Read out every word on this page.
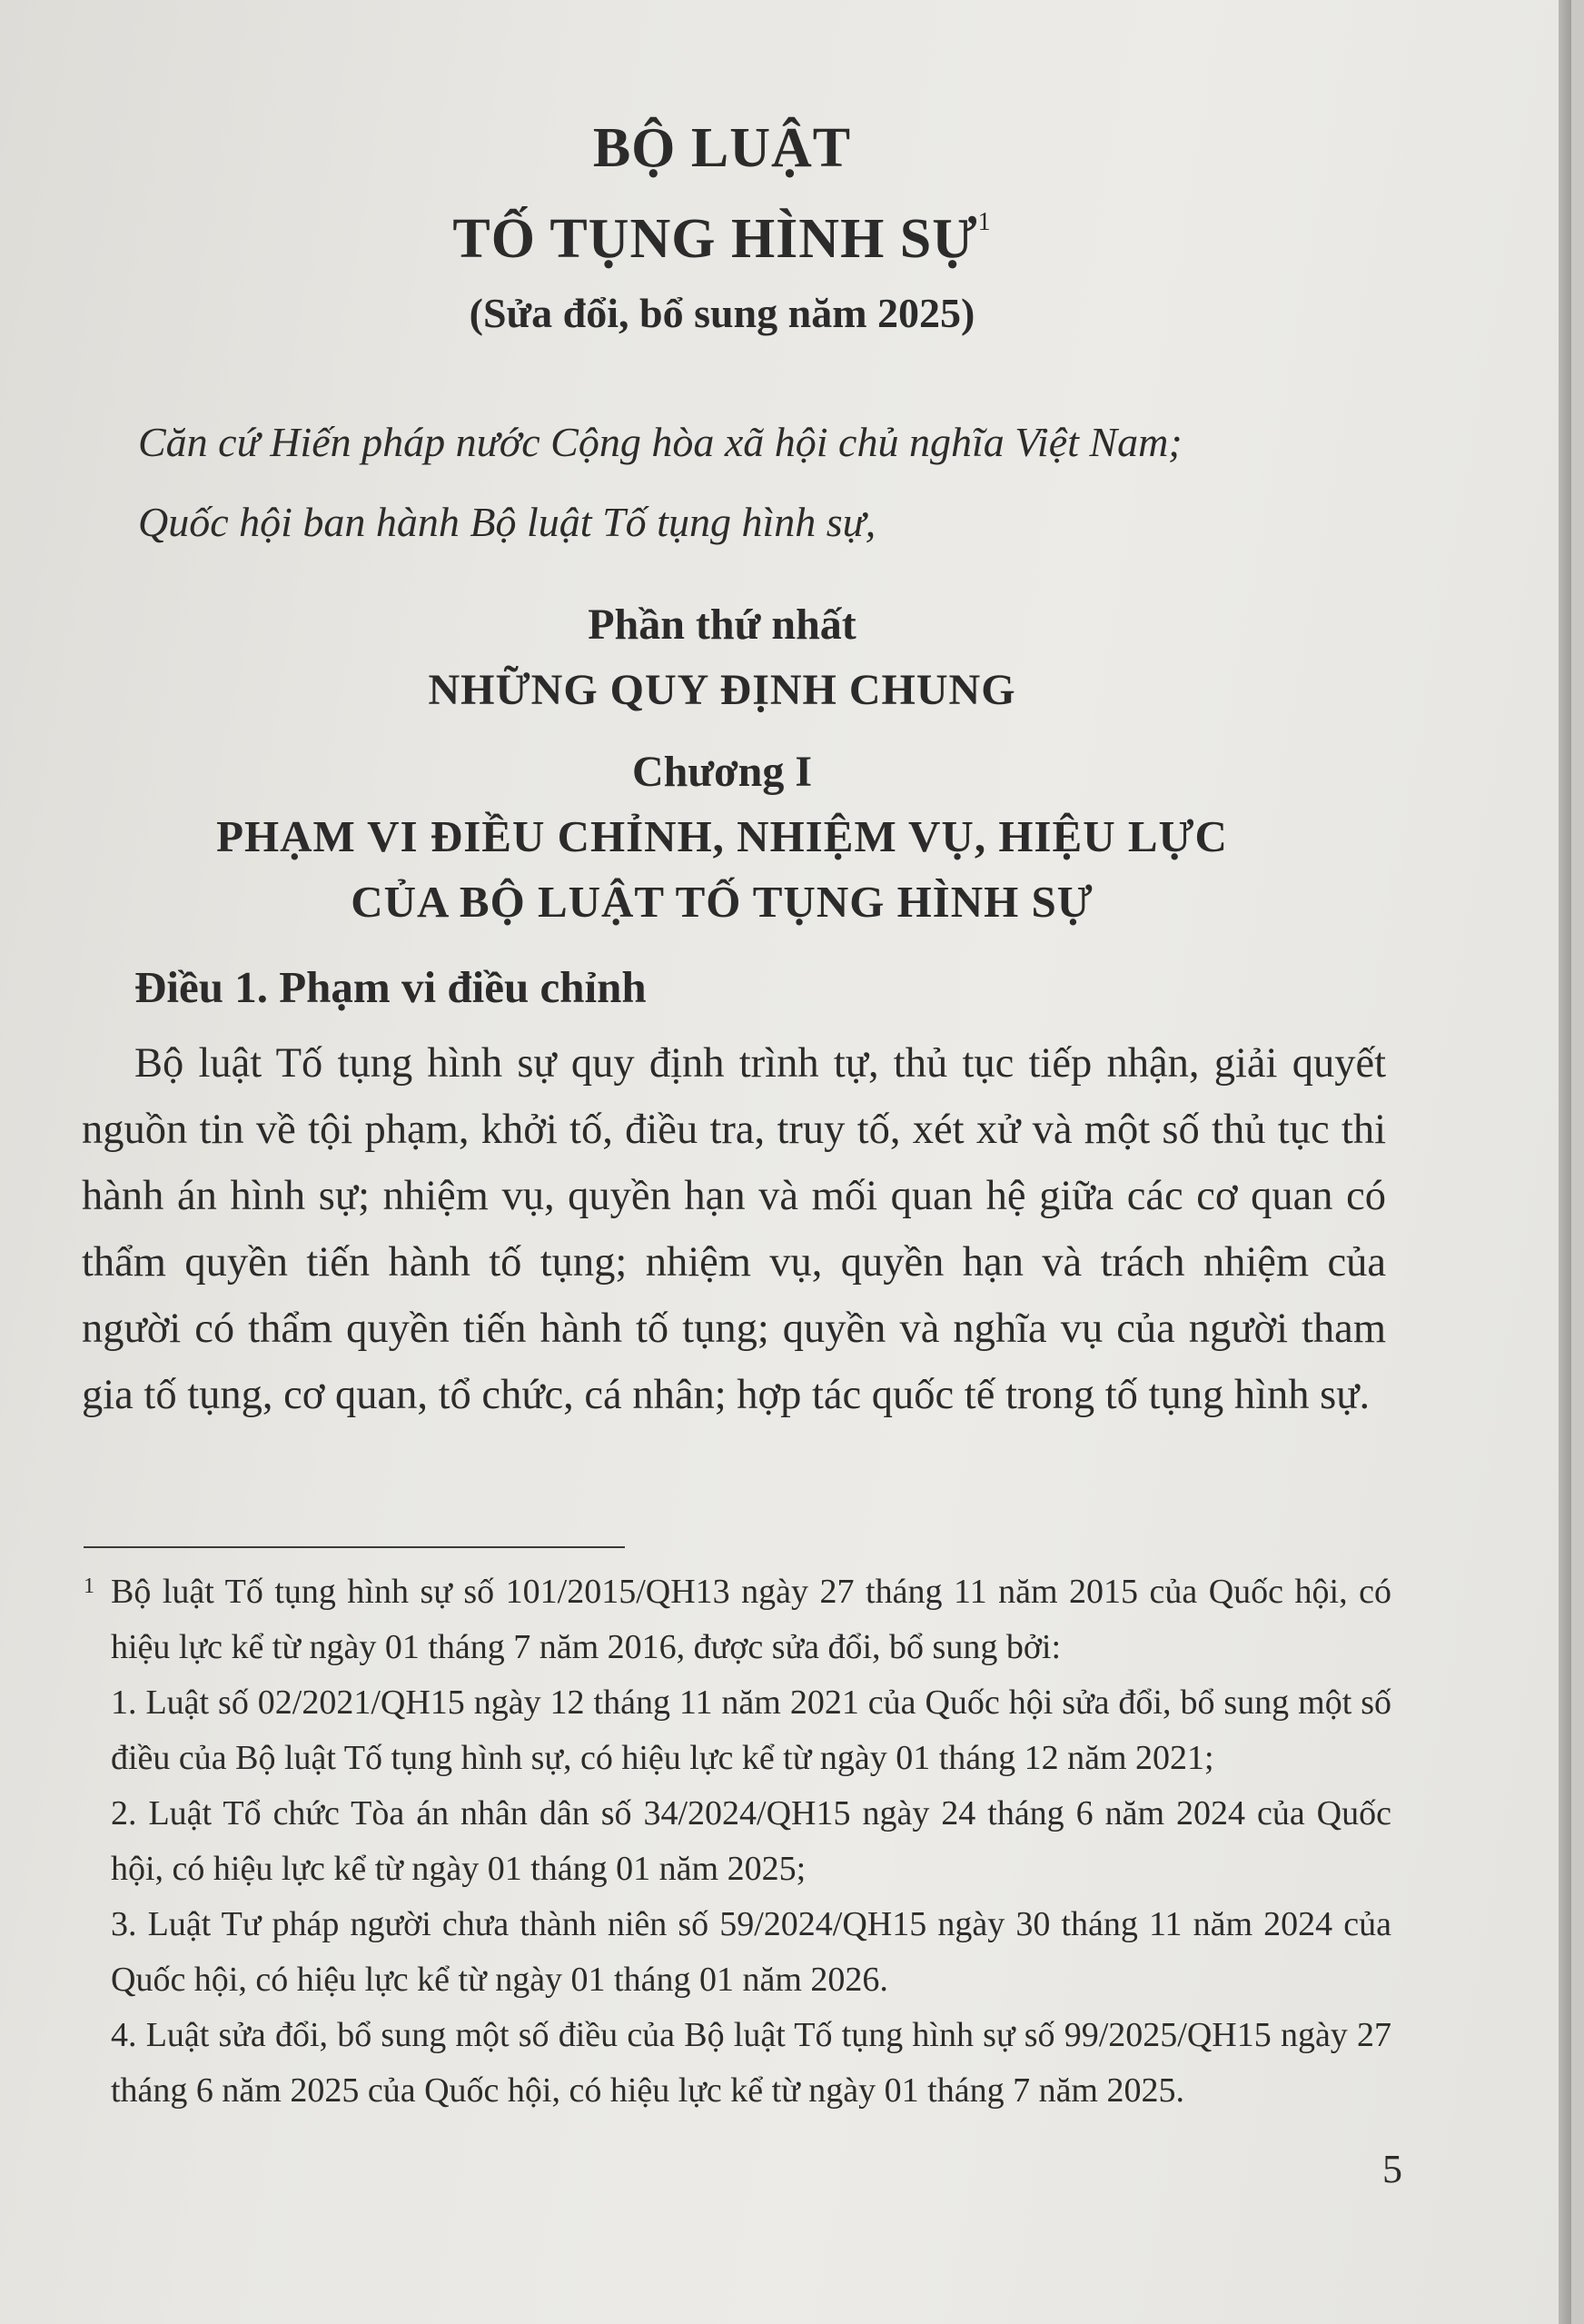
BỘ LUẬT
TỐ TỤNG HÌNH SỰ$^1$
(Sửa đổi, bổ sung năm 2025)

Căn cứ Hiến pháp nước Cộng hòa xã hội chủ nghĩa Việt Nam;

Quốc hội ban hành Bộ luật Tố tụng hình sự,

Phần thứ nhất
NHỮNG QUY ĐỊNH CHUNG
Chương I
PHẠM VI ĐIỀU CHỈNH, NHIỆM VỤ, HIỆU LỰC
CỦA BỘ LUẬT TỐ TỤNG HÌNH SỰ
Điều 1. Phạm vi điều chỉnh

Bộ luật Tố tụng hình sự quy định trình tự, thủ tục tiếp nhận, giải quyết nguồn tin về tội phạm, khởi tố, điều tra, truy tố, xét xử và một số thủ tục thi hành án hình sự; nhiệm vụ, quyền hạn và mối quan hệ giữa các cơ quan có thẩm quyền tiến hành tố tụng; nhiệm vụ, quyền hạn và trách nhiệm của người có thẩm quyền tiến hành tố tụng; quyền và nghĩa vụ của người tham gia tố tụng, cơ quan, tổ chức, cá nhân; hợp tác quốc tế trong tố tụng hình sự.

1 Bộ luật Tố tụng hình sự số 101/2015/QH13 ngày 27 tháng 11 năm 2015 của Quốc hội, có hiệu lực kể từ ngày 01 tháng 7 năm 2016, được sửa đổi, bổ sung bởi:

1. Luật số 02/2021/QH15 ngày 12 tháng 11 năm 2021 của Quốc hội sửa đổi, bổ sung một số điều của Bộ luật Tố tụng hình sự, có hiệu lực kể từ ngày 01 tháng 12 năm 2021;

2. Luật Tổ chức Tòa án nhân dân số 34/2024/QH15 ngày 24 tháng 6 năm 2024 của Quốc hội, có hiệu lực kể từ ngày 01 tháng 01 năm 2025;

3. Luật Tư pháp người chưa thành niên số 59/2024/QH15 ngày 30 tháng 11 năm 2024 của Quốc hội, có hiệu lực kể từ ngày 01 tháng 01 năm 2026.

4. Luật sửa đổi, bổ sung một số điều của Bộ luật Tố tụng hình sự số 99/2025/QH15 ngày 27 tháng 6 năm 2025 của Quốc hội, có hiệu lực kể từ ngày 01 tháng 7 năm 2025.

5
